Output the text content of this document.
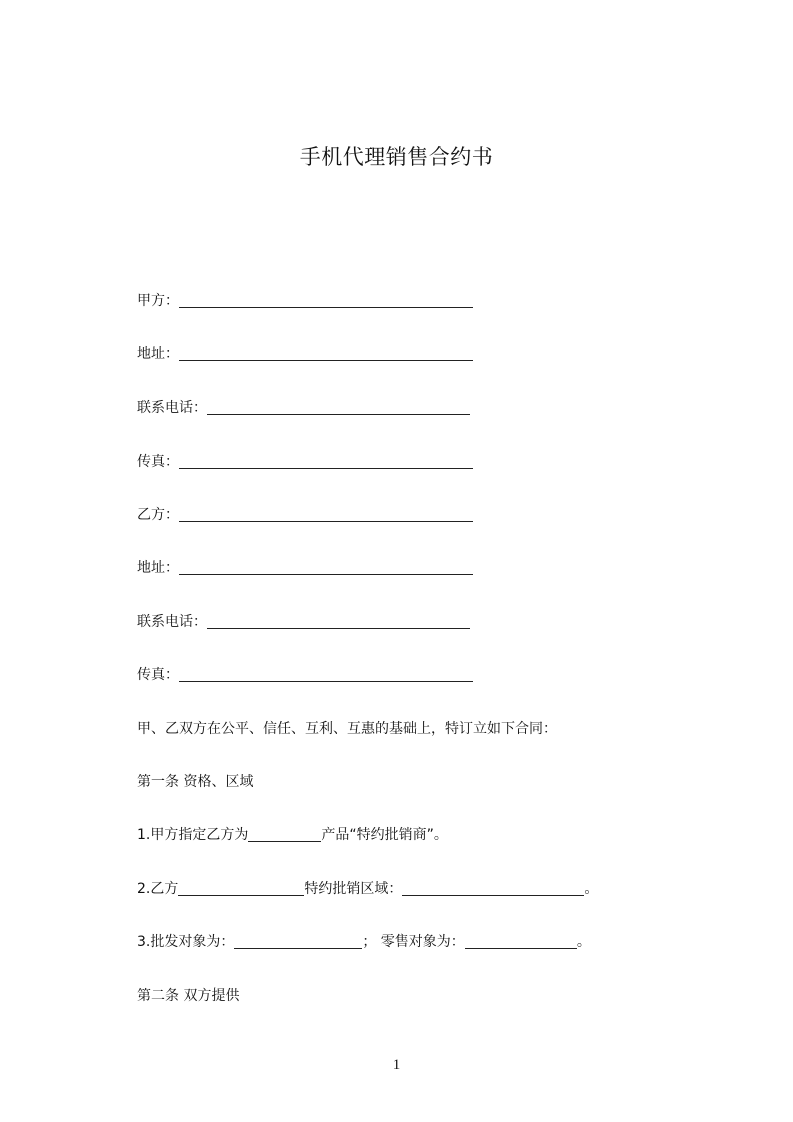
手机代理销售合约书
甲方：
地址：
联系电话：
传真：
乙方：
地址：
联系电话：
传真：
甲、乙双方在公平、信任、互利、互惠的基础上，特订立如下合同：
第一条 资格、区域
1.甲方指定乙方为	产品“特约批销商”。
2.乙方	特约批销区域：	。
3.批发对象为：	； 零售对象为：	。
第二条 双方提供
1
